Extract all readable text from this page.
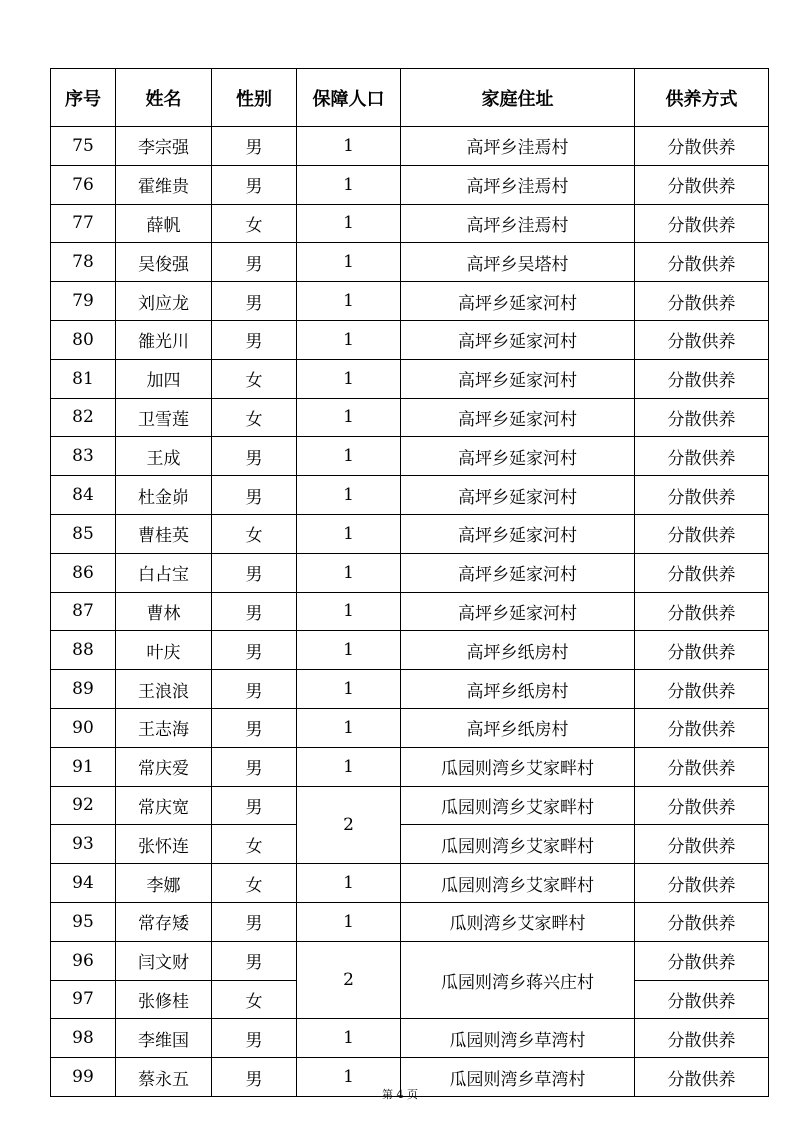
序号	姓名	性别	保障人口	家庭住址	供养方式
75	李宗强	男	1	高坪乡洼焉村	分散供养
76	霍维贵	男	1	高坪乡洼焉村	分散供养
77	薛帆	女	1	高坪乡洼焉村	分散供养
78	吴俊强	男	1	高坪乡吴塔村	分散供养
79	刘应龙	男	1	高坪乡延家河村	分散供养
80	雒光川	男	1	高坪乡延家河村	分散供养
81	加四	女	1	高坪乡延家河村	分散供养
82	卫雪莲	女	1	高坪乡延家河村	分散供养
83	王成	男	1	高坪乡延家河村	分散供养
84	杜金峁	男	1	高坪乡延家河村	分散供养
85	曹桂英	女	1	高坪乡延家河村	分散供养
86	白占宝	男	1	高坪乡延家河村	分散供养
87	曹林	男	1	高坪乡延家河村	分散供养
88	叶庆	男	1	高坪乡纸房村	分散供养
89	王浪浪	男	1	高坪乡纸房村	分散供养
90	王志海	男	1	高坪乡纸房村	分散供养
91	常庆爱	男	1	瓜园则湾乡艾家畔村	分散供养
92	常庆宽	男	2	瓜园则湾乡艾家畔村	分散供养
93	张怀连	女		瓜园则湾乡艾家畔村	分散供养
94	李娜	女	1	瓜园则湾乡艾家畔村	分散供养
95	常存矮	男	1	瓜则湾乡艾家畔村	分散供养
96	闫文财	男	2	瓜园则湾乡蒋兴庄村	分散供养
97	张修桂	女			分散供养
98	李维国	男	1	瓜园则湾乡草湾村	分散供养
99	蔡永五	男	1	瓜园则湾乡草湾村	分散供养
第 4 页
